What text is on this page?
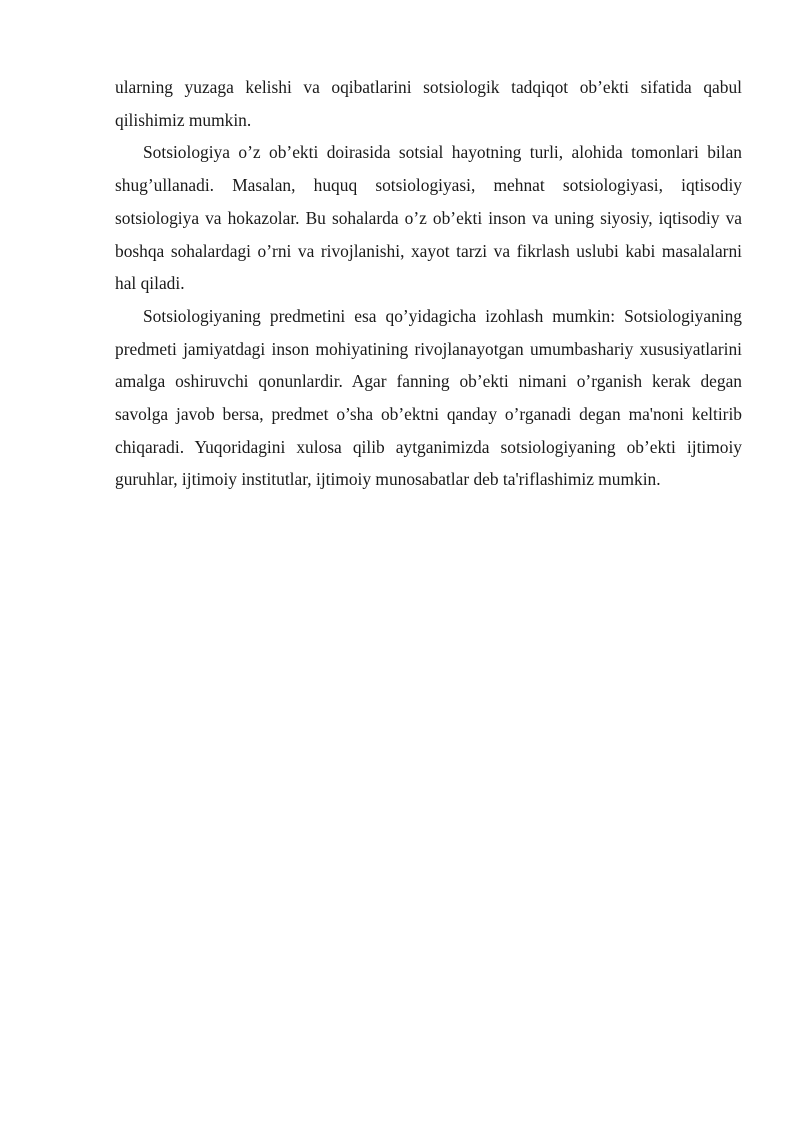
ularning yuzaga kelishi va oqibatlarini sotsiologik tadqiqot ob’ekti sifatida qabul qilishimiz mumkin.

Sotsiologiya o’z ob’ekti doirasida sotsial hayotning turli, alohida tomonlari bilan shug’ullanadi. Masalan, huquq sotsiologiyasi, mehnat sotsiologiyasi, iqtisodiy sotsiologiya va hokazolar. Bu sohalarda o’z ob’ekti inson va uning siyosiy, iqtisodiy va boshqa sohalardagi o’rni va rivojlanishi, xayot tarzi va fikrlash uslubi kabi masalalarni hal qiladi.

Sotsiologiyaning predmetini esa qo’yidagicha izohlash mumkin: Sotsiologiyaning predmeti jamiyatdagi inson mohiyatining rivojlanayotgan umumbashariy xususiyatlarini amalga oshiruvchi qonunlardir. Agar fanning ob’ekti nimani o’rganish kerak degan savolga javob bersa, predmet o’sha ob’ektni qanday o’rganadi degan ma'noni keltirib chiqaradi. Yuqoridagini xulosa qilib aytganimizda sotsiologiyaning ob’ekti ijtimoiy guruhlar, ijtimoiy institutlar, ijtimoiy munosabatlar deb ta'riflashimiz mumkin.
